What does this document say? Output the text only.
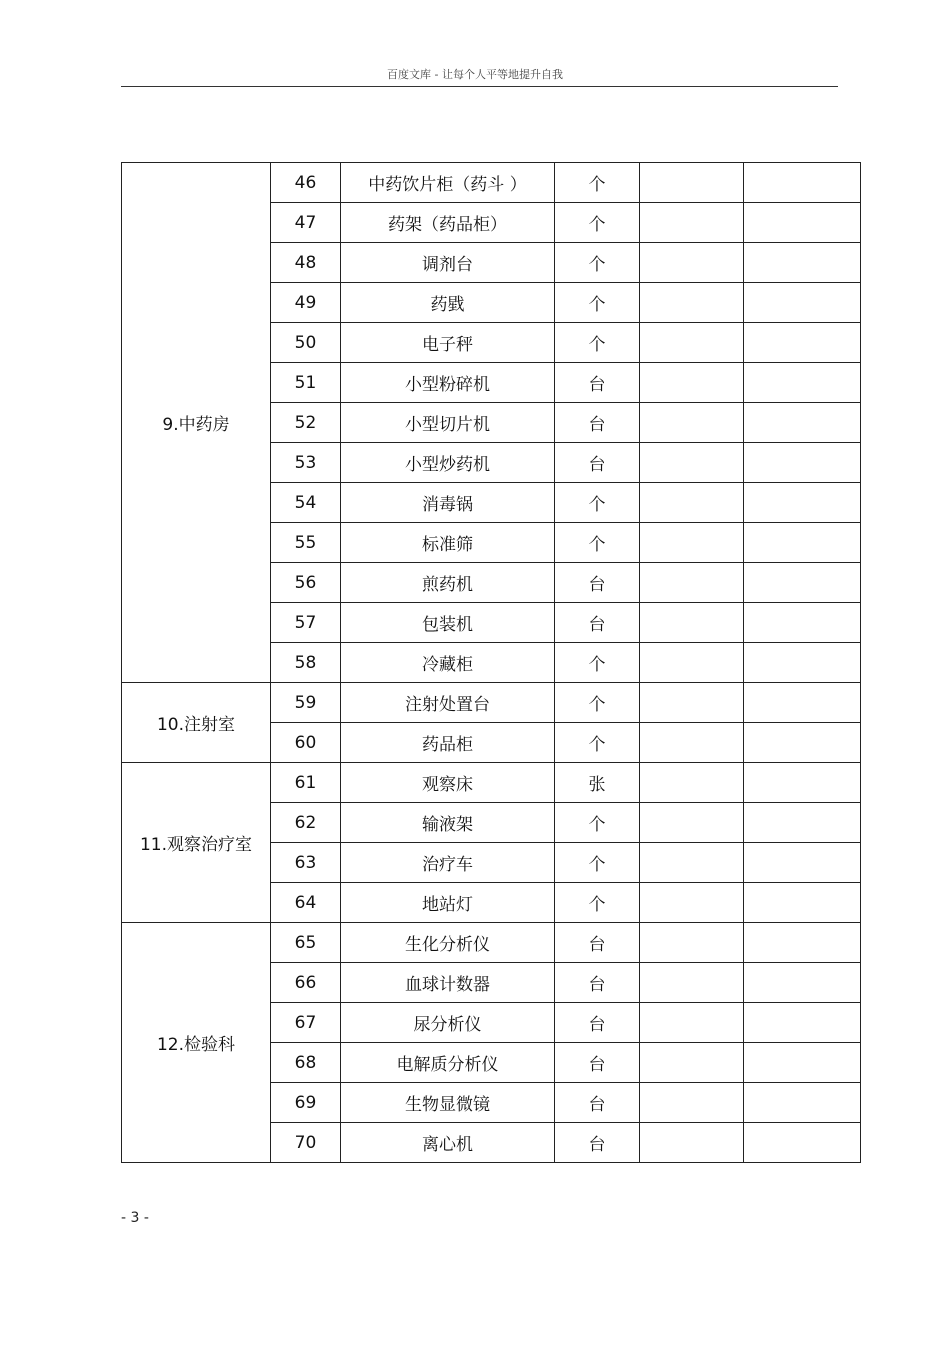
百度文库 - 让每个人平等地提升自我
9.中药房	46	中药饮片柜（药斗 ）	个		
	47	药架（药品柜）	个		
	48	调剂台	个		
	49	药戥	个		
	50	电子秤	个		
	51	小型粉碎机	台		
	52	小型切片机	台		
	53	小型炒药机	台		
	54	消毒锅	个		
	55	标准筛	个		
	56	煎药机	台		
	57	包装机	台		
	58	冷藏柜	个		
10.注射室	59	注射处置台	个		
	60	药品柜	个		
11.观察治疗室	61	观察床	张		
	62	输液架	个		
	63	治疗车	个		
	64	地站灯	个		
12.检验科	65	生化分析仪	台		
	66	血球计数器	台		
	67	尿分析仪	台		
	68	电解质分析仪	台		
	69	生物显微镜	台		
	70	离心机	台		
- 3 -
